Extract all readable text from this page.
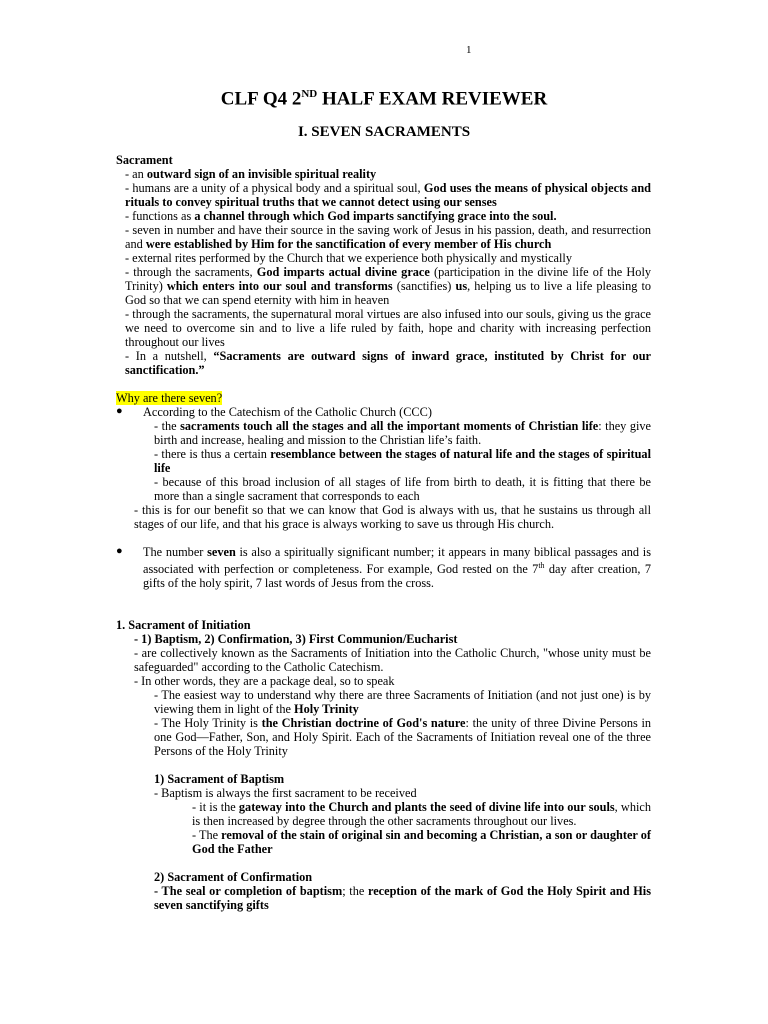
1
CLF Q4 2ND HALF EXAM REVIEWER
I. SEVEN SACRAMENTS

Sacrament

- an outward sign of an invisible spiritual reality

- humans are a unity of a physical body and a spiritual soul, God uses the means of physical objects and rituals to convey spiritual truths that we cannot detect using our senses

- functions as a channel through which God imparts sanctifying grace into the soul.

- seven in number and have their source in the saving work of Jesus in his passion, death, and resurrection and were established by Him for the sanctification of every member of His church

- external rites performed by the Church that we experience both physically and mystically

- through the sacraments, God imparts actual divine grace (participation in the divine life of the Holy Trinity) which enters into our soul and transforms (sanctifies) us, helping us to live a life pleasing to God so that we can spend eternity with him in heaven

- through the sacraments, the supernatural moral virtues are also infused into our souls, giving us the grace we need to overcome sin and to live a life ruled by faith, hope and charity with increasing perfection throughout our lives

- In a nutshell, “Sacraments are outward signs of inward grace, instituted by Christ for our sanctification.”

Why are there seven?

● According to the Catechism of the Catholic Church (CCC)

- the sacraments touch all the stages and all the important moments of Christian life: they give birth and increase, healing and mission to the Christian life’s faith.

- there is thus a certain resemblance between the stages of natural life and the stages of spiritual life

- because of this broad inclusion of all stages of life from birth to death, it is fitting that there be more than a single sacrament that corresponds to each

- this is for our benefit so that we can know that God is always with us, that he sustains us through all stages of our life, and that his grace is always working to save us through His church.

● The number seven is also a spiritually significant number; it appears in many biblical passages and is associated with perfection or completeness. For example, God rested on the 7th day after creation, 7 gifts of the holy spirit, 7 last words of Jesus from the cross.

1. Sacrament of Initiation

- 1) Baptism, 2) Confirmation, 3) First Communion/Eucharist

- are collectively known as the Sacraments of Initiation into the Catholic Church, "whose unity must be safeguarded" according to the Catholic Catechism.

- In other words, they are a package deal, so to speak

- The easiest way to understand why there are three Sacraments of Initiation (and not just one) is by viewing them in light of the Holy Trinity

- The Holy Trinity is the Christian doctrine of God's nature: the unity of three Divine Persons in one God—Father, Son, and Holy Spirit. Each of the Sacraments of Initiation reveal one of the three Persons of the Holy Trinity

1) Sacrament of Baptism

- Baptism is always the first sacrament to be received

- it is the gateway into the Church and plants the seed of divine life into our souls, which is then increased by degree through the other sacraments throughout our lives.

- The removal of the stain of original sin and becoming a Christian, a son or daughter of God the Father

2) Sacrament of Confirmation

- The seal or completion of baptism; the reception of the mark of God the Holy Spirit and His seven sanctifying gifts
